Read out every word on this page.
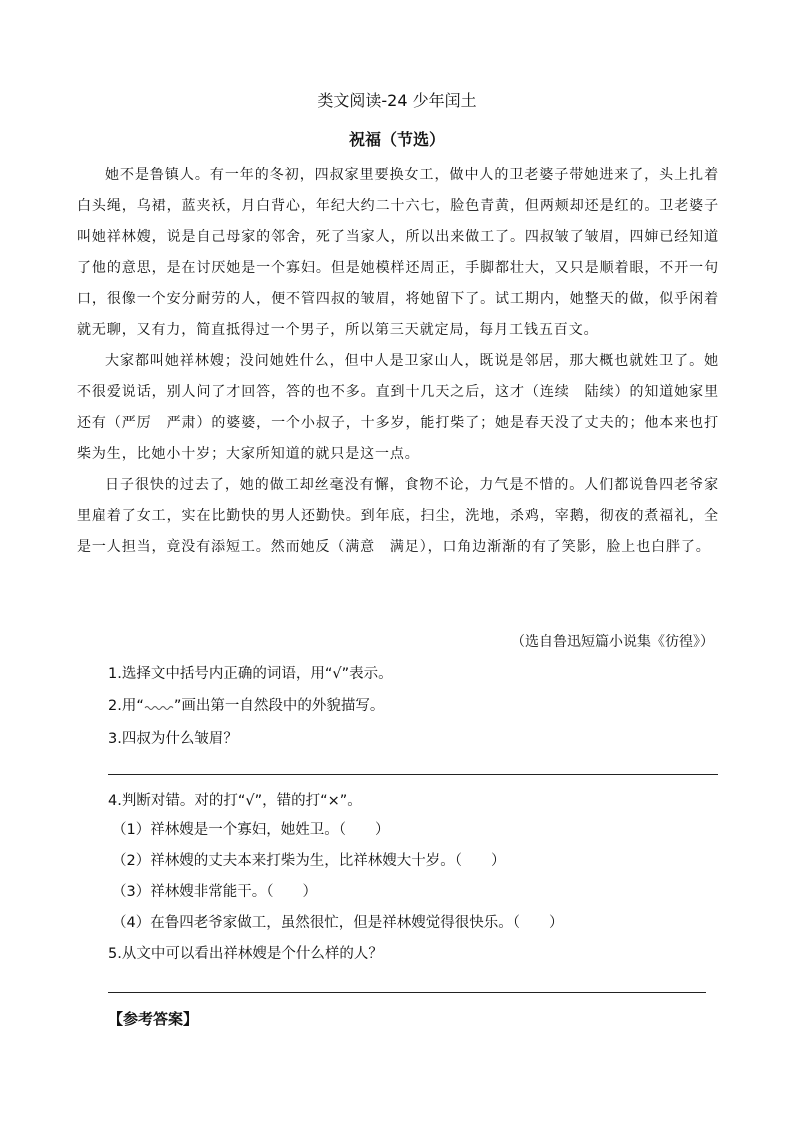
类文阅读-24 少年闰土
祝福（节选）

她不是鲁镇人。有一年的冬初，四叔家里要换女工，做中人的卫老婆子带她进来了，头上扎着白头绳，乌裙，蓝夹袄，月白背心，年纪大约二十六七，脸色青黄，但两颊却还是红的。卫老婆子叫她祥林嫂，说是自己母家的邻舍，死了当家人，所以出来做工了。四叔皱了皱眉，四婶已经知道了他的意思，是在讨厌她是一个寡妇。但是她模样还周正，手脚都壮大，又只是顺着眼，不开一句口，很像一个安分耐劳的人，便不管四叔的皱眉，将她留下了。试工期内，她整天的做，似乎闲着就无聊，又有力，简直抵得过一个男子，所以第三天就定局，每月工钱五百文。

大家都叫她祥林嫂；没问她姓什么，但中人是卫家山人，既说是邻居，那大概也就姓卫了。她不很爱说话，别人问了才回答，答的也不多。直到十几天之后，这才（连续　陆续）的知道她家里还有（严厉　严肃）的婆婆，一个小叔子，十多岁，能打柴了；她是春天没了丈夫的；他本来也打柴为生，比她小十岁；大家所知道的就只是这一点。

日子很快的过去了，她的做工却丝毫没有懈，食物不论，力气是不惜的。人们都说鲁四老爷家里雇着了女工，实在比勤快的男人还勤快。到年底，扫尘，洗地，杀鸡，宰鹅，彻夜的煮福礼，全是一人担当，竟没有添短工。然而她反（满意　满足），口角边渐渐的有了笑影，脸上也白胖了。

（选自鲁迅短篇小说集《彷徨》）
1.选择文中括号内正确的词语，用“√”表示。
2.用“ ”画出第一自然段中的外貌描写。
3.四叔为什么皱眉？
4.判断对错。对的打“√”，错的打“×”。
（1）祥林嫂是一个寡妇，她姓卫。（　　）
（2）祥林嫂的丈夫本来打柴为生，比祥林嫂大十岁。（　　）
（3）祥林嫂非常能干。（　　）
（4）在鲁四老爷家做工，虽然很忙，但是祥林嫂觉得很快乐。（　　）
5.从文中可以看出祥林嫂是个什么样的人？
【参考答案】
